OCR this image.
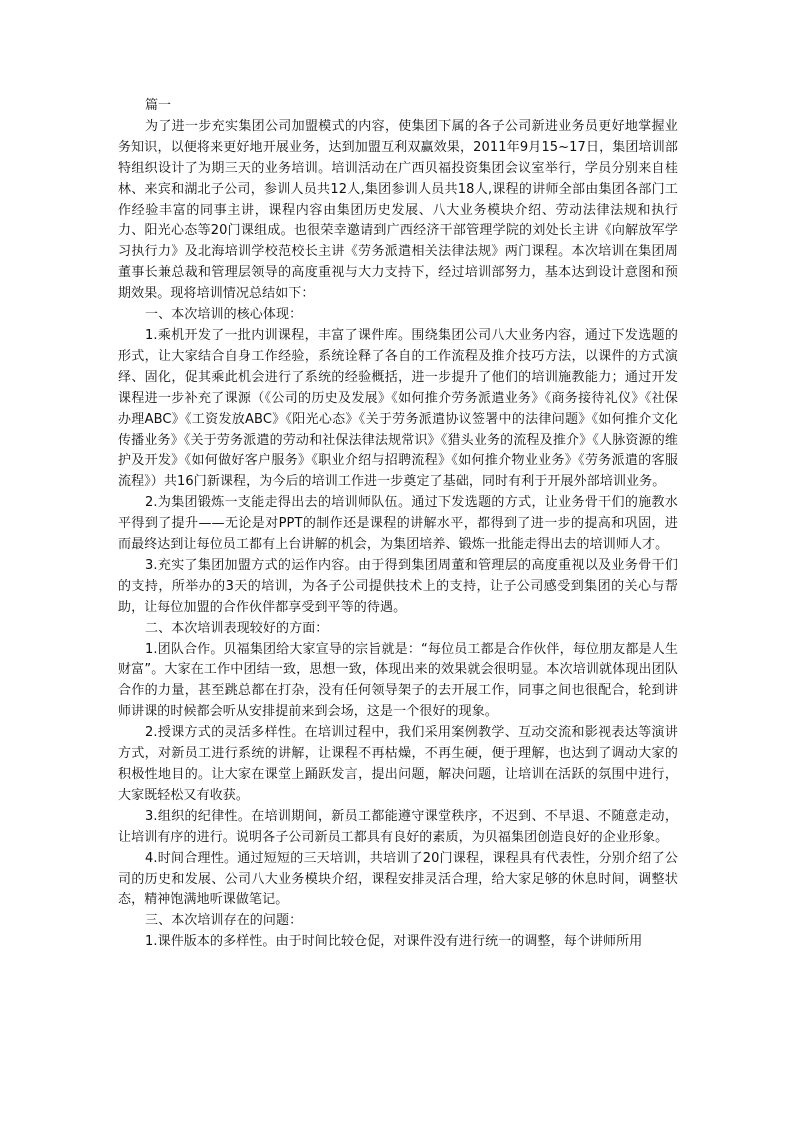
篇一

为了进一步充实集团公司加盟模式的内容，使集团下属的各子公司新进业务员更好地掌握业务知识，以便将来更好地开展业务，达到加盟互利双赢效果，2011年9月15~17日，集团培训部特组织设计了为期三天的业务培训。培训活动在广西贝福投资集团会议室举行，学员分别来自桂林、来宾和湖北子公司，参训人员共12人,集团参训人员共18人,课程的讲师全部由集团各部门工作经验丰富的同事主讲，课程内容由集团历史发展、八大业务模块介绍、劳动法律法规和执行力、阳光心态等20门课组成。也很荣幸邀请到广西经济干部管理学院的刘处长主讲《向解放军学习执行力》及北海培训学校范校长主讲《劳务派遣相关法律法规》两门课程。本次培训在集团周董事长兼总裁和管理层领导的高度重视与大力支持下，经过培训部努力，基本达到设计意图和预期效果。现将培训情况总结如下：

一、本次培训的核心体现：

1.乘机开发了一批内训课程，丰富了课件库。围绕集团公司八大业务内容，通过下发选题的形式，让大家结合自身工作经验，系统诠释了各自的工作流程及推介技巧方法，以课件的方式演绎、固化，促其乘此机会进行了系统的经验概括，进一步提升了他们的培训施教能力；通过开发课程进一步补充了课源（《公司的历史及发展》《如何推介劳务派遣业务》《商务接待礼仪》《社保办理ABC》《工资发放ABC》《阳光心态》《关于劳务派遣协议签署中的法律问题》《如何推介文化传播业务》《关于劳务派遣的劳动和社保法律法规常识》《猎头业务的流程及推介》《人脉资源的维护及开发》《如何做好客户服务》《职业介绍与招聘流程》《如何推介物业业务》《劳务派遣的客服流程》）共16门新课程，为今后的培训工作进一步奠定了基础，同时有利于开展外部培训业务。

2.为集团锻炼一支能走得出去的培训师队伍。通过下发选题的方式，让业务骨干们的施教水平得到了提升——无论是对PPT的制作还是课程的讲解水平，都得到了进一步的提高和巩固，进而最终达到让每位员工都有上台讲解的机会，为集团培养、锻炼一批能走得出去的培训师人才。

3.充实了集团加盟方式的运作内容。由于得到集团周董和管理层的高度重视以及业务骨干们的支持，所举办的3天的培训，为各子公司提供技术上的支持，让子公司感受到集团的关心与帮助，让每位加盟的合作伙伴都享受到平等的待遇。

二、本次培训表现较好的方面：

1.团队合作。贝福集团给大家宣导的宗旨就是：“每位员工都是合作伙伴，每位朋友都是人生财富”。大家在工作中团结一致，思想一致，体现出来的效果就会很明显。本次培训就体现出团队合作的力量，甚至跳总都在打杂，没有任何领导架子的去开展工作，同事之间也很配合，轮到讲师讲课的时候都会听从安排提前来到会场，这是一个很好的现象。

2.授课方式的灵活多样性。在培训过程中，我们采用案例教学、互动交流和影视表达等演讲方式，对新员工进行系统的讲解，让课程不再枯燥，不再生硬，便于理解，也达到了调动大家的积极性地目的。让大家在课堂上踊跃发言，提出问题，解决问题，让培训在活跃的氛围中进行，大家既轻松又有收获。

3.组织的纪律性。在培训期间，新员工都能遵守课堂秩序，不迟到、不早退、不随意走动，让培训有序的进行。说明各子公司新员工都具有良好的素质，为贝福集团创造良好的企业形象。

4.时间合理性。通过短短的三天培训，共培训了20门课程，课程具有代表性，分别介绍了公司的历史和发展、公司八大业务模块介绍，课程安排灵活合理，给大家足够的休息时间，调整状态，精神饱满地听课做笔记。

三、本次培训存在的问题：

1.课件版本的多样性。由于时间比较仓促，对课件没有进行统一的调整，每个讲师所用
